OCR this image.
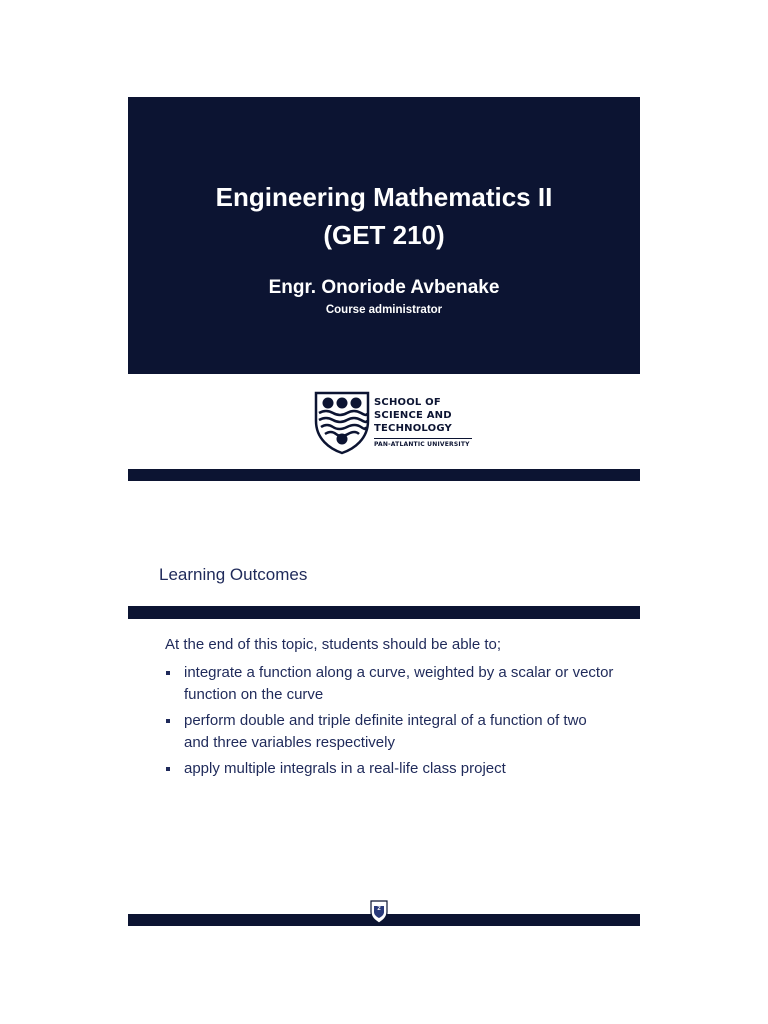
Engineering Mathematics II
(GET 210)
Engr. Onoriode Avbenake
Course administrator
SCHOOL OF
SCIENCE AND
TECHNOLOGY
PAN-ATLANTIC UNIVERSITY
Learning Outcomes
At the end of this topic, students should be able to;
integrate a function along a curve, weighted by a scalar or vector function on the curve
perform double and triple definite integral of a function of two and three variables respectively
apply multiple integrals in a real-life class project
2
